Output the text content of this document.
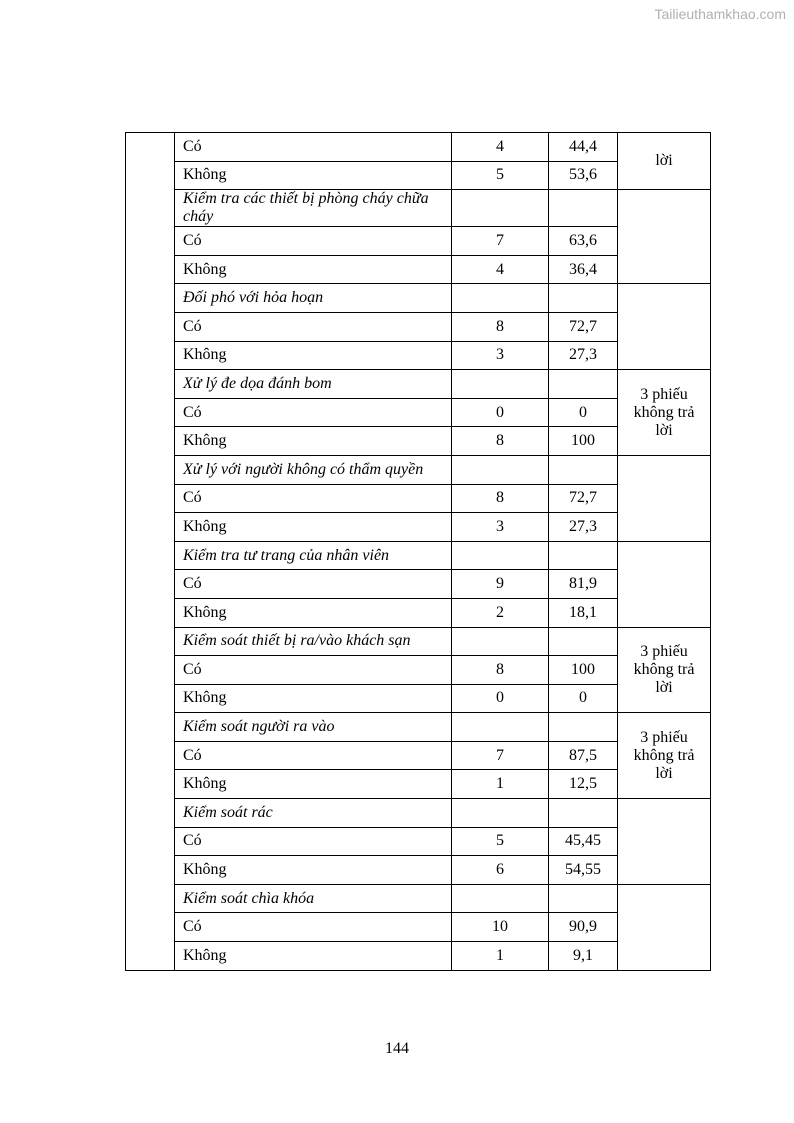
Tailieuthamkhao.com
	Có	4	44,4	lời
	Không	5	53,6	
	Kiểm tra các thiết bị phòng cháy chữa cháy			
	Có	7	63,6	
	Không	4	36,4	
	Đối phó với hỏa hoạn			
	Có	8	72,7	
	Không	3	27,3	
	Xử lý đe dọa đánh bom			3 phiếu không trả lời
	Có	0	0	
	Không	8	100	
	Xử lý với người không có thẩm quyền			
	Có	8	72,7	
	Không	3	27,3	
	Kiểm tra tư trang của nhân viên			
	Có	9	81,9	
	Không	2	18,1	
	Kiểm soát thiết bị ra/vào khách sạn			3 phiếu không trả lời
	Có	8	100	
	Không	0	0	
	Kiểm soát người ra vào			3 phiếu không trả lời
	Có	7	87,5	
	Không	1	12,5	
	Kiểm soát rác			
	Có	5	45,45	
	Không	6	54,55	
	Kiểm soát chìa khóa			
	Có	10	90,9	
	Không	1	9,1	
144
